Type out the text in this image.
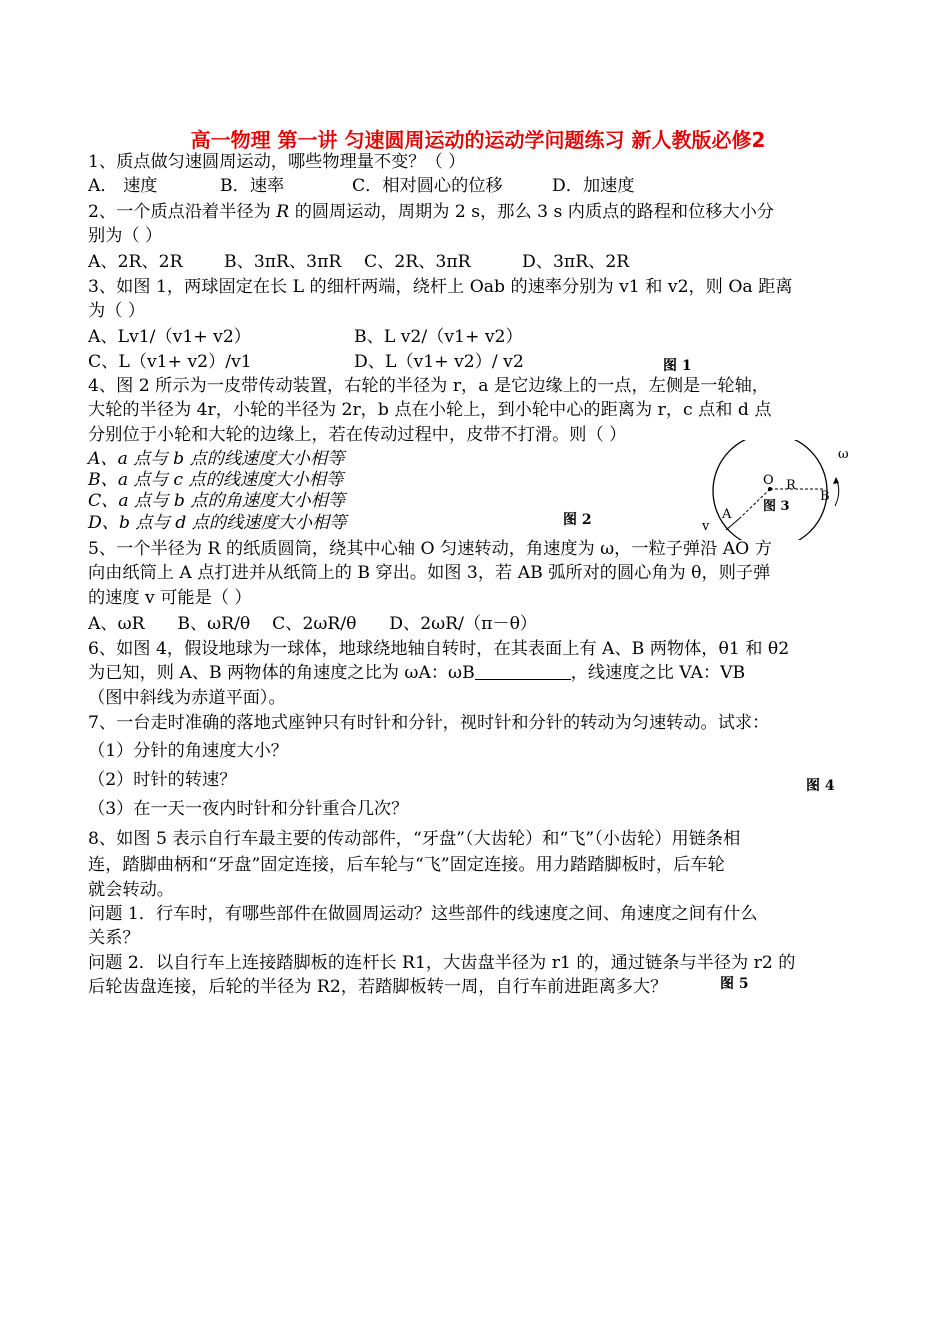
高一物理 第一讲 匀速圆周运动的运动学问题练习 新人教版必修2
1、质点做匀速圆周运动，哪些物理量不变？（ ）
A． 速度	B．速率	C．相对圆心的位移	D．加速度
2、一个质点沿着半径为 R 的圆周运动，周期为 2 s，那么 3 s 内质点的路程和位移大小分
别为（ ）
A、2R、2R B、3πR、3πR C、2R、3πR	D、3πR、2R
3、如图 1，两球固定在长 L 的细杆两端，绕杆上 Oab 的速率分别为 v1 和 v2，则 Oa 距离
为（ ）
A、Lv1/（v1+ v2）	B、L v2/（v1+ v2）
C、L（v1+ v2）/v1	D、L（v1+ v2）/ v2	图 1
4、图 2 所示为一皮带传动装置，右轮的半径为 r，a 是它边缘上的一点，左侧是一轮轴，
大轮的半径为 4r，小轮的半径为 2r，b 点在小轮上，到小轮中心的距离为 r，c 点和 d 点
分别位于小轮和大轮的边缘上，若在传动过程中，皮带不打滑。则（ ）
A、a 点与 b 点的线速度大小相等
B、a 点与 c 点的线速度大小相等
C、a 点与 b 点的角速度大小相等
D、b 点与 d 点的线速度大小相等	图 2
O R
B
A
v
ω
图 3
5、一个半径为 R 的纸质圆筒，绕其中心轴 O 匀速转动，角速度为 ω，一粒子弹沿 AO 方
向由纸筒上 A 点打进并从纸筒上的 B 穿出。如图 3，若 AB 弧所对的圆心角为 θ，则子弹
的速度 v 可能是（ ）
A、ωR      B、ωR/θ    C、2ωR/θ      D、2ωR/（π－θ）
6、如图 4，假设地球为一球体，地球绕地轴自转时，在其表面上有 A、B 两物体，θ1 和 θ2
为已知，则 A、B 两物体的角速度之比为 ωA：ωB	，线速度之比 VA：VB
（图中斜线为赤道平面）。
7、一台走时准确的落地式座钟只有时针和分针，视时针和分针的转动为匀速转动。试求：
（1）分针的角速度大小？
（2）时针的转速？	图 4
（3）在一天一夜内时针和分针重合几次？
8、如图 5 表示自行车最主要的传动部件，“牙盘”（大齿轮）和“飞”（小齿轮）用链条相
连，踏脚曲柄和“牙盘”固定连接，后车轮与“飞”固定连接。用力踏踏脚板时，后车轮
就会转动。
问题 1．行车时，有哪些部件在做圆周运动？这些部件的线速度之间、角速度之间有什么
关系？
问题 2．以自行车上连接踏脚板的连杆长 R1，大齿盘半径为 r1 的，通过链条与半径为 r2 的
后轮齿盘连接，后轮的半径为 R2，若踏脚板转一周，自行车前进距离多大？	图 5
